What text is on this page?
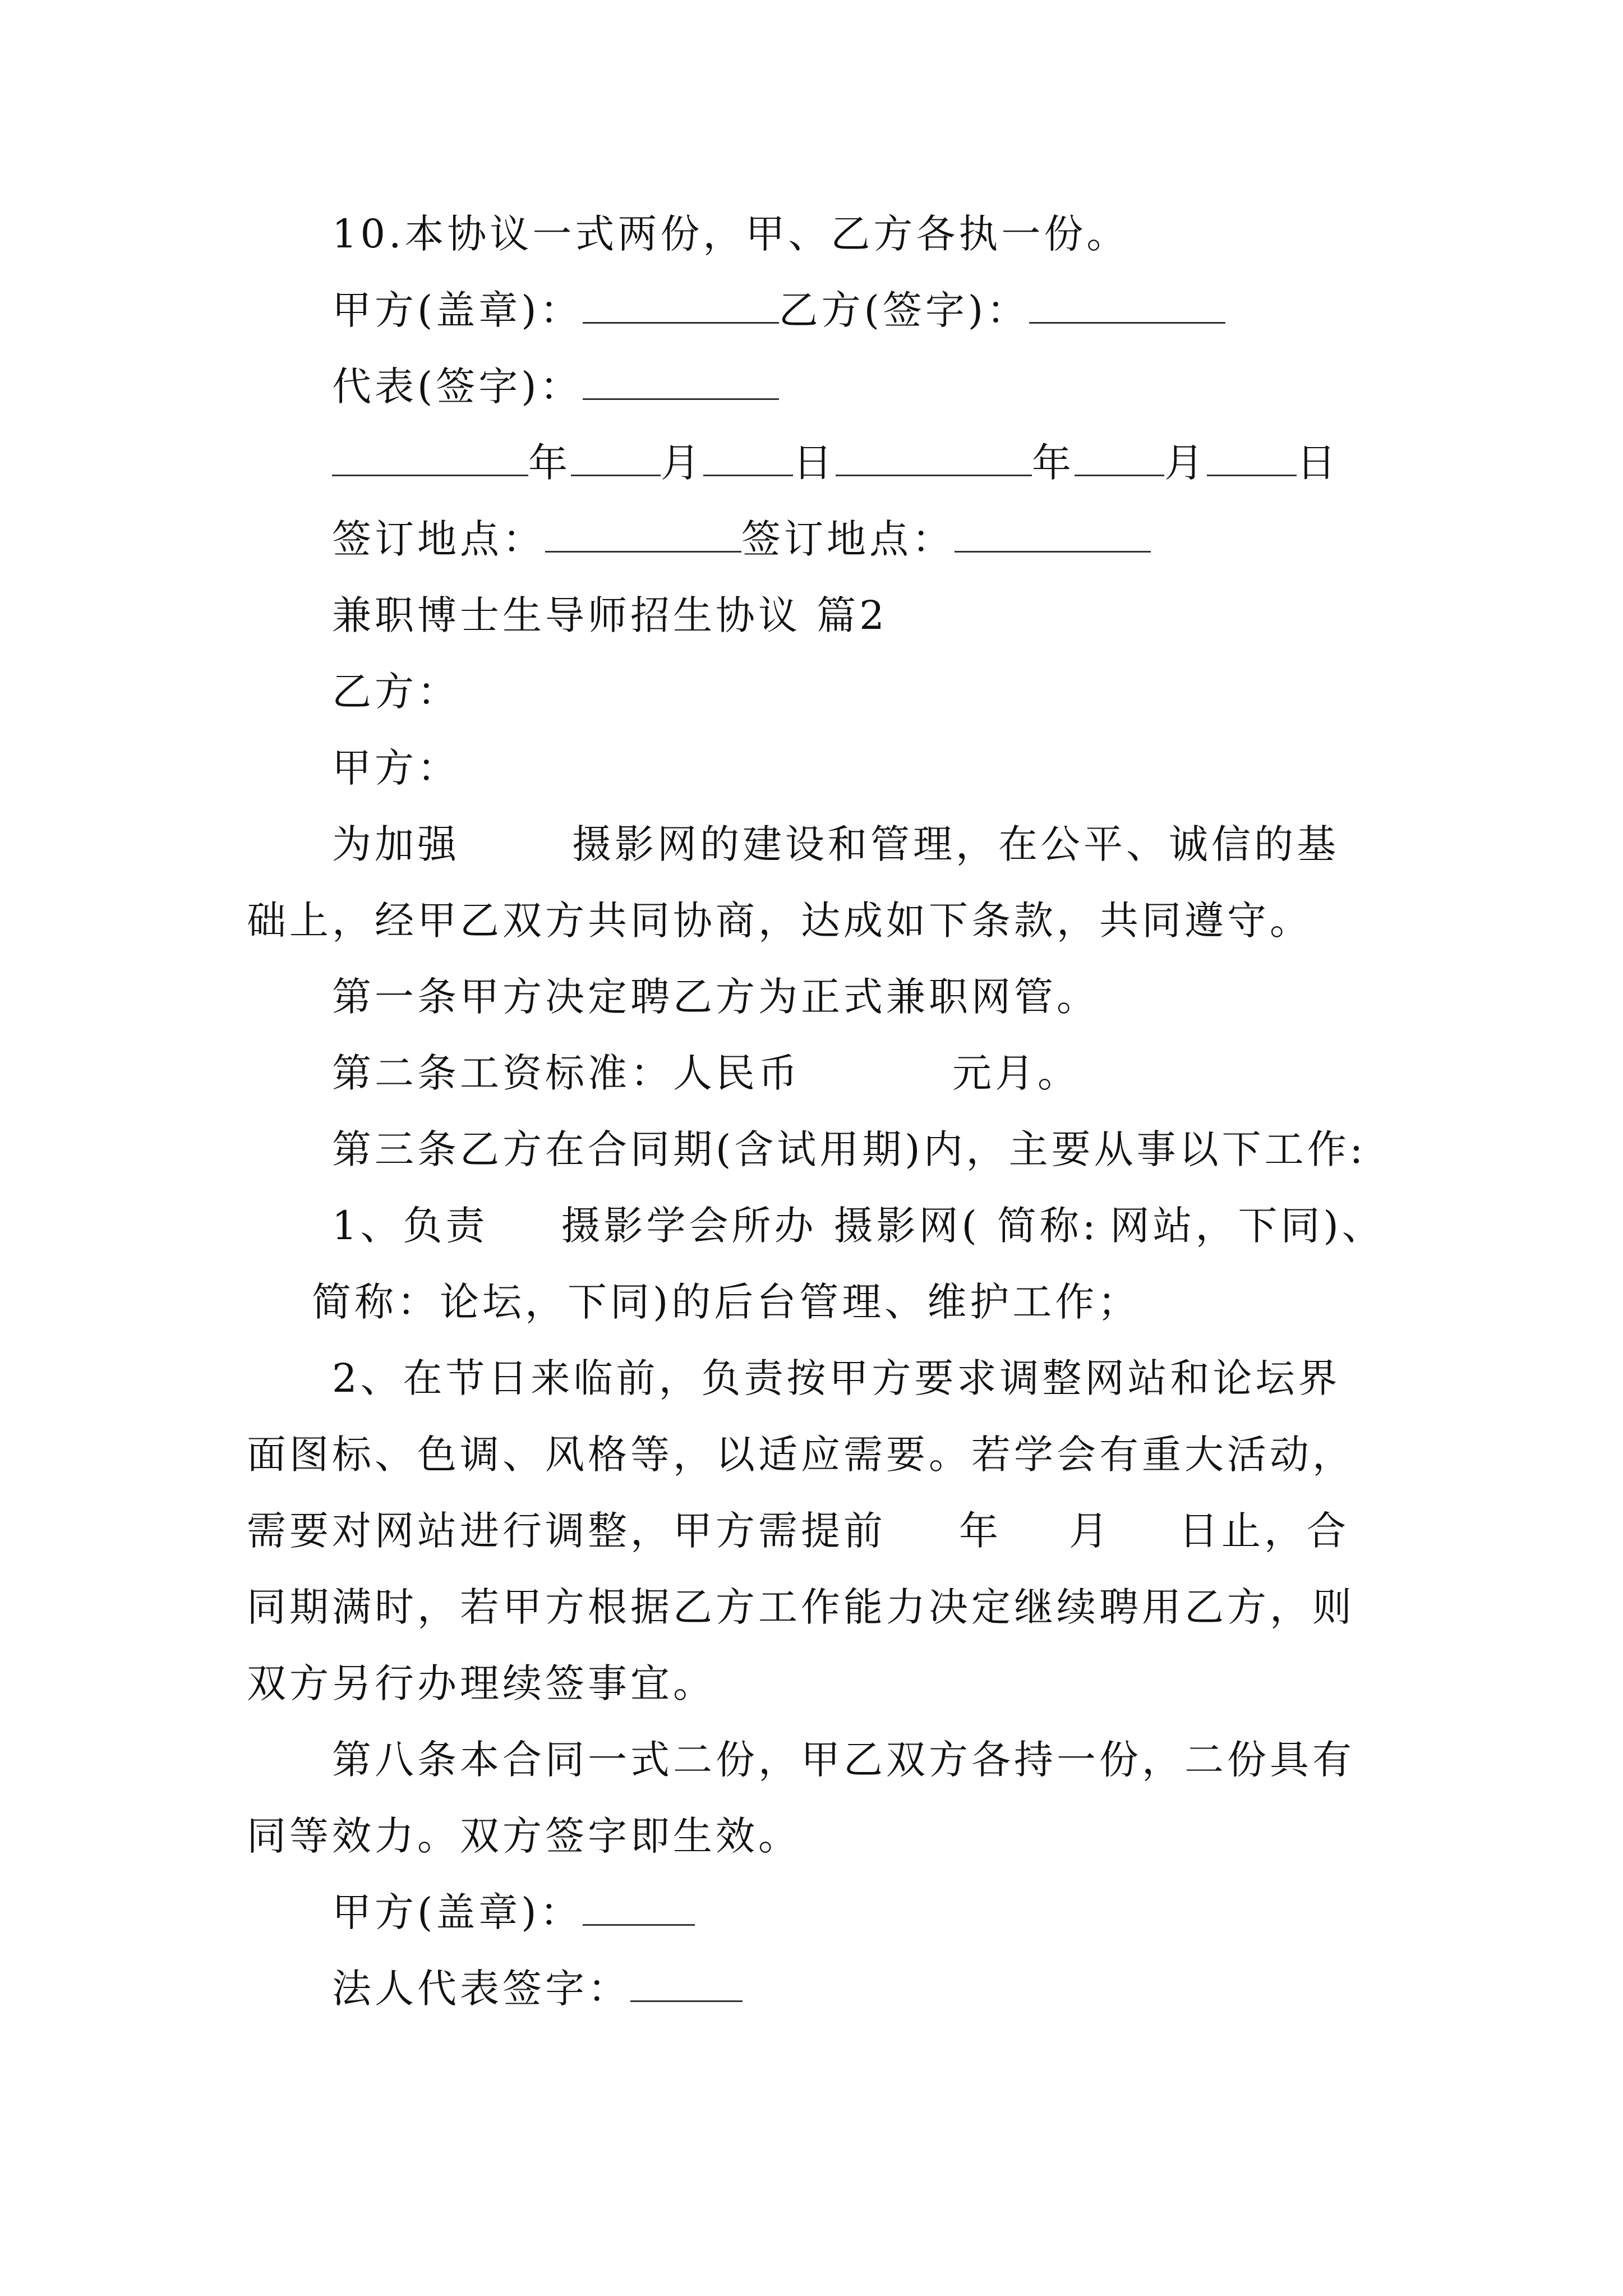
10.本协议一式两份，甲、乙方各执一份。
甲方(盖章)：	乙方(签字)：
代表(签字)：
年 月 日	年 月 日
签订地点：	签订地点：
兼职博士生导师招生协议 篇2
乙方：
甲方：
为加强	摄影网的建设和管理，在公平、诚信的基
础上，经甲乙双方共同协商，达成如下条款，共同遵守。
第一条甲方决定聘乙方为正式兼职网管。
第二条工资标准：人民币	元月。
第三条乙方在合同期(含试用期)内，主要从事以下工作:
1、负责 摄影学会所办 摄影网( 简称: 网站，下同)、
简称：论坛，下同)的后台管理、维护工作；
2、在节日来临前，负责按甲方要求调整网站和论坛界
面图标、色调、风格等，以适应需要。若学会有重大活动，
需要对网站进行调整，甲方需提前 年 月 日止，合
同期满时，若甲方根据乙方工作能力决定继续聘用乙方，则
双方另行办理续签事宜。
第八条本合同一式二份，甲乙双方各持一份，二份具有
同等效力。双方签字即生效。
甲方(盖章)：
法人代表签字：
